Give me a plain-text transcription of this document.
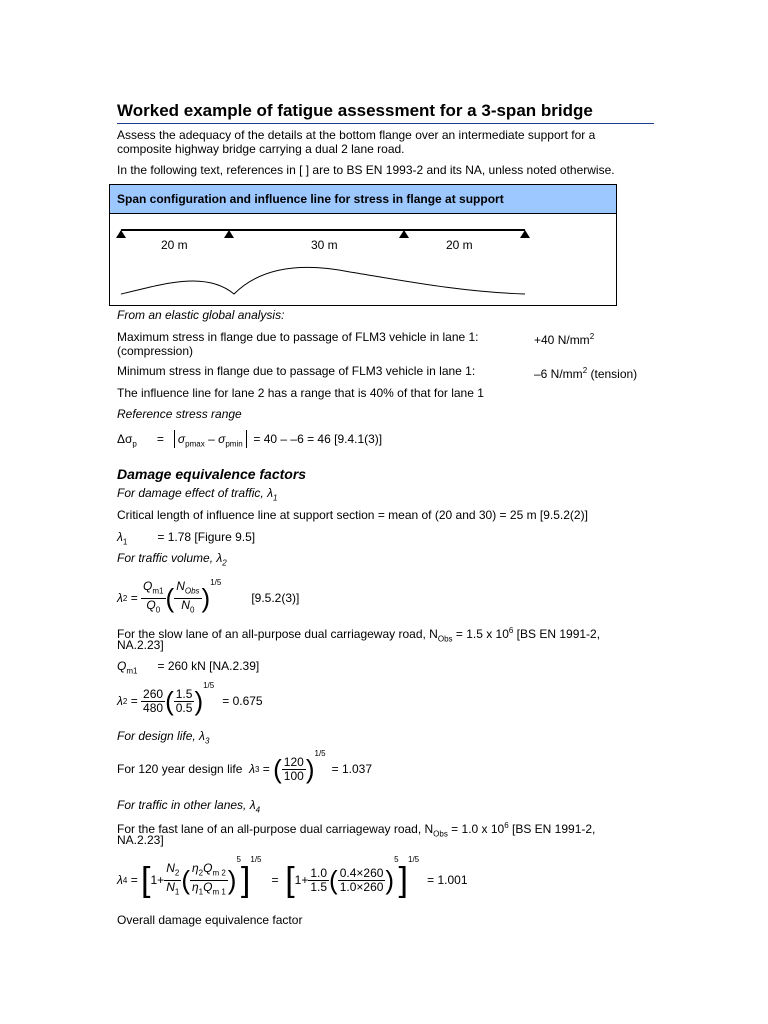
Worked example of fatigue assessment for a 3-span bridge
Assess the adequacy of the details at the bottom flange over an intermediate support for a
composite highway bridge carrying a dual 2 lane road.
In the following text, references in [ ] are to BS EN 1993-2 and its NA, unless noted otherwise.
Span configuration and influence line for stress in flange at support
20 m	30 m	20 m
From an elastic global analysis:
Maximum stress in flange due to passage of FLM3 vehicle in lane 1:	+40 $N/mm^2$
(compression)
Minimum stress in flange due to passage of FLM3 vehicle in lane 1:	–6 $N/mm^2$ (tension)
The influence line for lane 2 has a range that is 40% of that for lane 1
Reference stress range
$\Delta\sigma_p = \sigma_{pmax} - \sigma_{pmin} = 40 - -6 = 46$ [9.4.1(3)]
Damage equivalence factors
For damage effect of traffic, $\lambda_1$
Critical length of influence line at support section = mean of (20 and 30) = 25 m [9.5.2(2)]
$\lambda_1$	= 1.78 [Figure 9.5]
For traffic volume, $\lambda_2$
λ $2 = \frac{Q_{m1}}{Q_0}$ ( $\frac{N_{Obs}}{N_0}$ )
1/5
[9.5.2(3)]
For the slow lane of an all-purpose dual carriageway road, $N_{Obs} = 1.5$ x $10^6$ [BS EN 1991-2,
NA.2.23]
$Q_{m1} = 260$ kN [NA.2.39]
λ $2 = \frac{260}{480}$ ( $\frac{1.5}{0.5}$ )
1/5
= 0.675
For design life, $\lambda_3$
For 120 year design life
λ 3 = ( $\frac{120}{100}$ )
1/5
= 1.037
For traffic in other lanes, $\lambda_4$
For the fast lane of an all-purpose dual carriageway road, $N_{Obs} = 1.0$ x $10^6$ [BS EN 1991-2,
NA.2.23]
λ 4 = [ $1+ \frac{N_2}{N_1}$ ( $\frac{\eta_2Q_{m 2}}{\eta_1Q_{m 1}}$ )
5
]
1/5

=
[ $1+ \frac{1.0}{1.5}$ ( $\frac{0.4\times 260}{1.0\times 260}$ )
5
]
1/5
= 1.001
Overall damage equivalence factor
